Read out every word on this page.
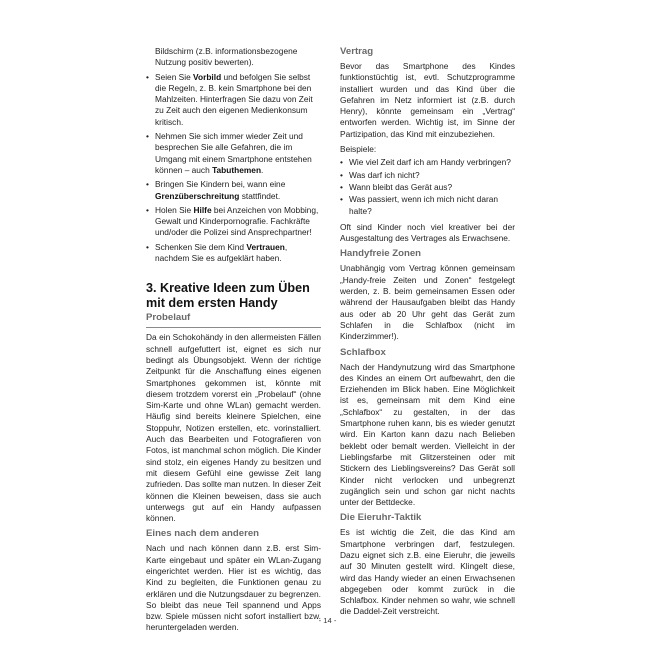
Bildschirm (z.B. informationsbezogene
Nutzung positiv bewerten).

• Seien Sie Vorbild und befolgen Sie selbst die Regeln, z. B. kein Smartphone bei den Mahlzeiten. Hinterfragen Sie dazu von Zeit zu Zeit auch den eigenen Medienkonsum kritisch.
• Nehmen Sie sich immer wieder Zeit und besprechen Sie alle Gefahren, die im Umgang mit einem Smartphone entstehen können – auch Tabuthemen.
• Bringen Sie Kindern bei, wann eine Grenzüberschreitung stattfindet.
• Holen Sie Hilfe bei Anzeichen von Mobbing, Gewalt und Kinderpornografie. Fachkräfte und/oder die Polizei sind Ansprechpartner!
• Schenken Sie dem Kind Vertrauen, nachdem Sie es aufgeklärt haben.
3. Kreative Ideen zum Üben mit dem ersten Handy
Probelauf

Da ein Schokohändy in den allermeisten Fällen schnell aufgefuttert ist, eignet es sich nur bedingt als Übungsobjekt. Wenn der richtige Zeitpunkt für die Anschaffung eines eigenen Smartphones gekommen ist, könnte mit diesem trotzdem vorerst ein „Probelauf“ (ohne Sim-Karte und ohne WLan) gemacht werden. Häufig sind bereits kleinere Spielchen, eine Stoppuhr, Notizen erstellen, etc. vorinstalliert. Auch das Bearbeiten und Fotografieren von Fotos, ist manchmal schon möglich. Die Kinder sind stolz, ein eigenes Handy zu besitzen und mit diesem Gefühl eine gewisse Zeit lang zufrieden. Das sollte man nutzen. In dieser Zeit können die Kleinen beweisen, dass sie auch unterwegs gut auf ein Handy aufpassen können.

Eines nach dem anderen

Nach und nach können dann z.B. erst Sim-Karte eingebaut und später ein WLan-Zugang eingerichtet werden. Hier ist es wichtig, das Kind zu begleiten, die Funktionen genau zu erklären und die Nutzungsdauer zu begrenzen. So bleibt das neue Teil spannend und Apps bzw. Spiele müssen nicht sofort installiert bzw. heruntergeladen werden.

Vertrag

Bevor das Smartphone des Kindes funktionstüchtig ist, evtl. Schutzprogramme installiert wurden und das Kind über die Gefahren im Netz informiert ist (z.B. durch Henry), könnte gemeinsam ein „Vertrag“ entworfen werden. Wichtig ist, im Sinne der Partizipation, das Kind mit einzubeziehen.

Beispiele:

• Wie viel Zeit darf ich am Handy verbringen?
• Was darf ich nicht?
• Wann bleibt das Gerät aus?
• Was passiert, wenn ich mich nicht daran halte?

Oft sind Kinder noch viel kreativer bei der Ausgestaltung des Vertrages als Erwachsene.

Handyfreie Zonen

Unabhängig vom Vertrag können gemeinsam „Handy-freie Zeiten und Zonen“ festgelegt werden, z. B. beim gemeinsamen Essen oder während der Hausaufgaben bleibt das Handy aus oder ab 20 Uhr geht das Gerät zum Schlafen in die Schlafbox (nicht im Kinderzimmer!).

Schlafbox

Nach der Handynutzung wird das Smartphone des Kindes an einem Ort aufbewahrt, den die Erziehenden im Blick haben. Eine Möglichkeit ist es, gemeinsam mit dem Kind eine „Schlafbox“ zu gestalten, in der das Smartphone ruhen kann, bis es wieder genutzt wird. Ein Karton kann dazu nach Belieben beklebt oder bemalt werden. Vielleicht in der Lieblingsfarbe mit Glitzersteinen oder mit Stickern des Lieblingsvereins? Das Gerät soll Kinder nicht verlocken und unbegrenzt zugänglich sein und schon gar nicht nachts unter der Bettdecke.

Die Eieruhr-Taktik

Es ist wichtig die Zeit, die das Kind am Smartphone verbringen darf, festzulegen. Dazu eignet sich z.B. eine Eieruhr, die jeweils auf 30 Minuten gestellt wird. Klingelt diese, wird das Handy wieder an einen Erwachsenen abgegeben oder kommt zurück in die Schlafbox. Kinder nehmen so wahr, wie schnell die Daddel-Zeit verstreicht.

- 14 -
